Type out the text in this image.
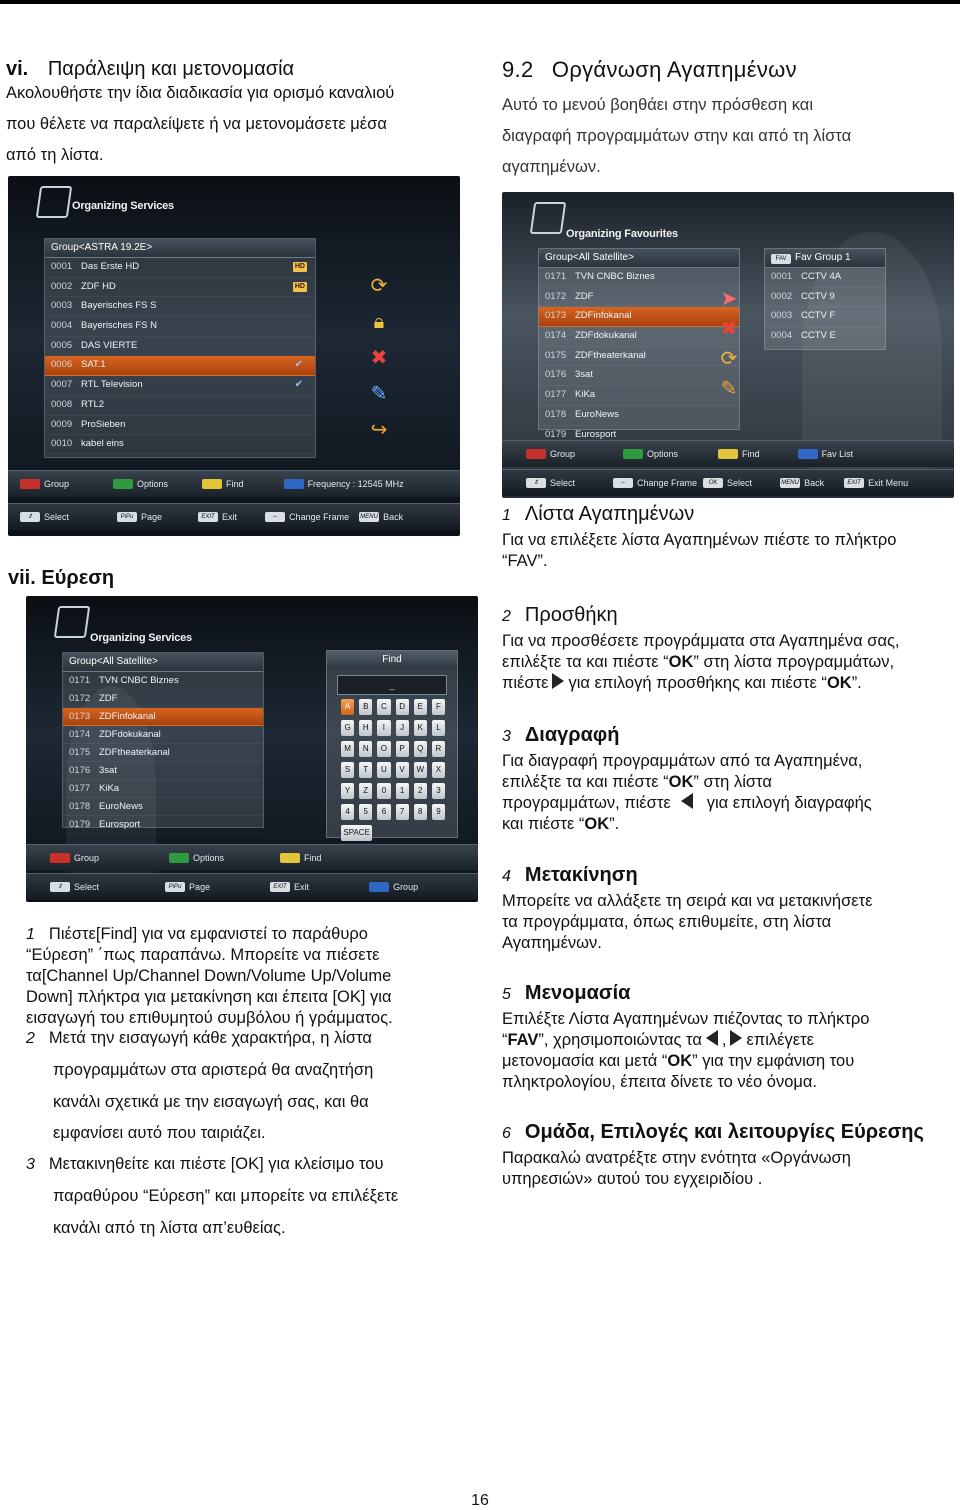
vi. Παράλειψη και μετονομασία
Ακολουθήστε την ίδια διαδικασία για ορισμό καναλιού
που θέλετε να παραλείψετε ή να μετονομάσετε μέσα
από τη λίστα.
9.2 Οργάνωση Αγαπημένων
Αυτό το μενού βοηθάει στην πρόσθεση και
διαγραφή προγραμμάτων στην και από τη λίστα
αγαπημένων.
Organizing Services
Group<ASTRA 19.2E>
0001 Das Erste HD	HD
0002 ZDF HD	HD
0003 Bayerisches FS S
0004 Bayerisches FS N
0005 DAS VIERTE
0006 SAT.1	✔
0007 RTL Television	✔
0008 RTL2
0009 ProSieben
0010 kabel eins
⟳
🔒︎
✖
✎
↪
Group	Options	Find	Frequency : 12545 MHz
⇕	Select	PiPu Page	EXIT Exit	⇔	Change Frame MENU Back
Organizing Favourites
Group<All Satellite>
0171 TVN CNBC Biznes
0172 ZDF
0173 ZDFinfokanal
0174 ZDFdokukanal
0175 ZDFtheaterkanal
0176 3sat
0177 KiKa
0178 EuroNews
0179 Eurosport
➤
✖
⟳
✎
FAV Fav Group 1
0001 CCTV 4A
0002 CCTV 9
0003 CCTV F
0004 CCTV E
Group	Options	Find	Fav List
⇕	Select	⇔	Change Frame	OK	Select	MENU Back	EXIT Exit Menu
1 Λίστα Αγαπημένων
Για να επιλέξετε λίστα Αγαπημένων πιέστε το πλήκτρο
“FAV”.
2 Προσθήκη
Για να προσθέσετε προγράμματα στα Αγαπημένα σας,
επιλέξτε τα και πιέστε “OK” στη λίστα προγραμμάτων,
πιέστε για επιλογή προσθήκης και πιέστε “OK”.
3 Διαγραφή
Για διαγραφή προγραμμάτων από τα Αγαπημένα,
επιλέξτε τα και πιέστε “OK” στη λίστα
προγραμμάτων, πιέστε για επιλογή διαγραφής
και πιέστε “OK”.
4 Μετακίνηση
Μπορείτε να αλλάξετε τη σειρά και να μετακινήσετε
τα προγράμματα, όπως επιθυμείτε, στη λίστα
Αγαπημένων.
5 Μενομασία
Επιλέξτε Λίστα Αγαπημένων πιέζοντας το πλήκτρο
“FAV”, χρησιμοποιώντας τα , επιλέγετε
μετονομασία και μετά “OK” για την εμφάνιση του
πληκτρολογίου, έπειτα δίνετε το νέο όνομα.
6 Ομάδα, Επιλογές και λειτουργίες Εύρεσης
Παρακαλώ ανατρέξτε στην ενότητα «Οργάνωση
υπηρεσιών» αυτού του εγχειριδίου .
vii. Εύρεση
Organizing Services
Group<All Satellite>
0171 TVN CNBC Biznes
0172 ZDF
0173 ZDFinfokanal
0174 ZDFdokukanal
0175 ZDFtheaterkanal
0176 3sat
0177 KiKa
0178 EuroNews
0179 Eurosport
Find
_
A	B	C	D	E	F
G	H	I	J	K	L
M	N	O	P	Q	R
S	T	U	V	W	X
Y	Z	0	1	2	3
4	5	6	7	8	9
SPACE
Group	Options	Find
⇕	Select	PiPu Page	EXIT Exit	Group
1 Πιέστε[Find] για να εμφανιστεί το παράθυρο
“Εύρεση” ΄πως παραπάνω. Μπορείτε να πιέσετε
τα[Channel Up/Channel Down/Volume Up/Volume
Down] πλήκτρα για μετακίνηση και έπειτα [OK] για
εισαγωγή του επιθυμητού συμβόλου ή γράμματος.
2 Μετά την εισαγωγή κάθε χαρακτήρα, η λίστα
προγραμμάτων στα αριστερά θα αναζητήση
κανάλι σχετικά με την εισαγωγή σας, και θα
εμφανίσει αυτό που ταιριάζει.
3 Μετακινηθείτε και πιέστε [OK] για κλείσιμο του
παραθύρου “Εύρεση” και μπορείτε να επιλέξετε
κανάλι από τη λίστα απ’ευθείας.
16
